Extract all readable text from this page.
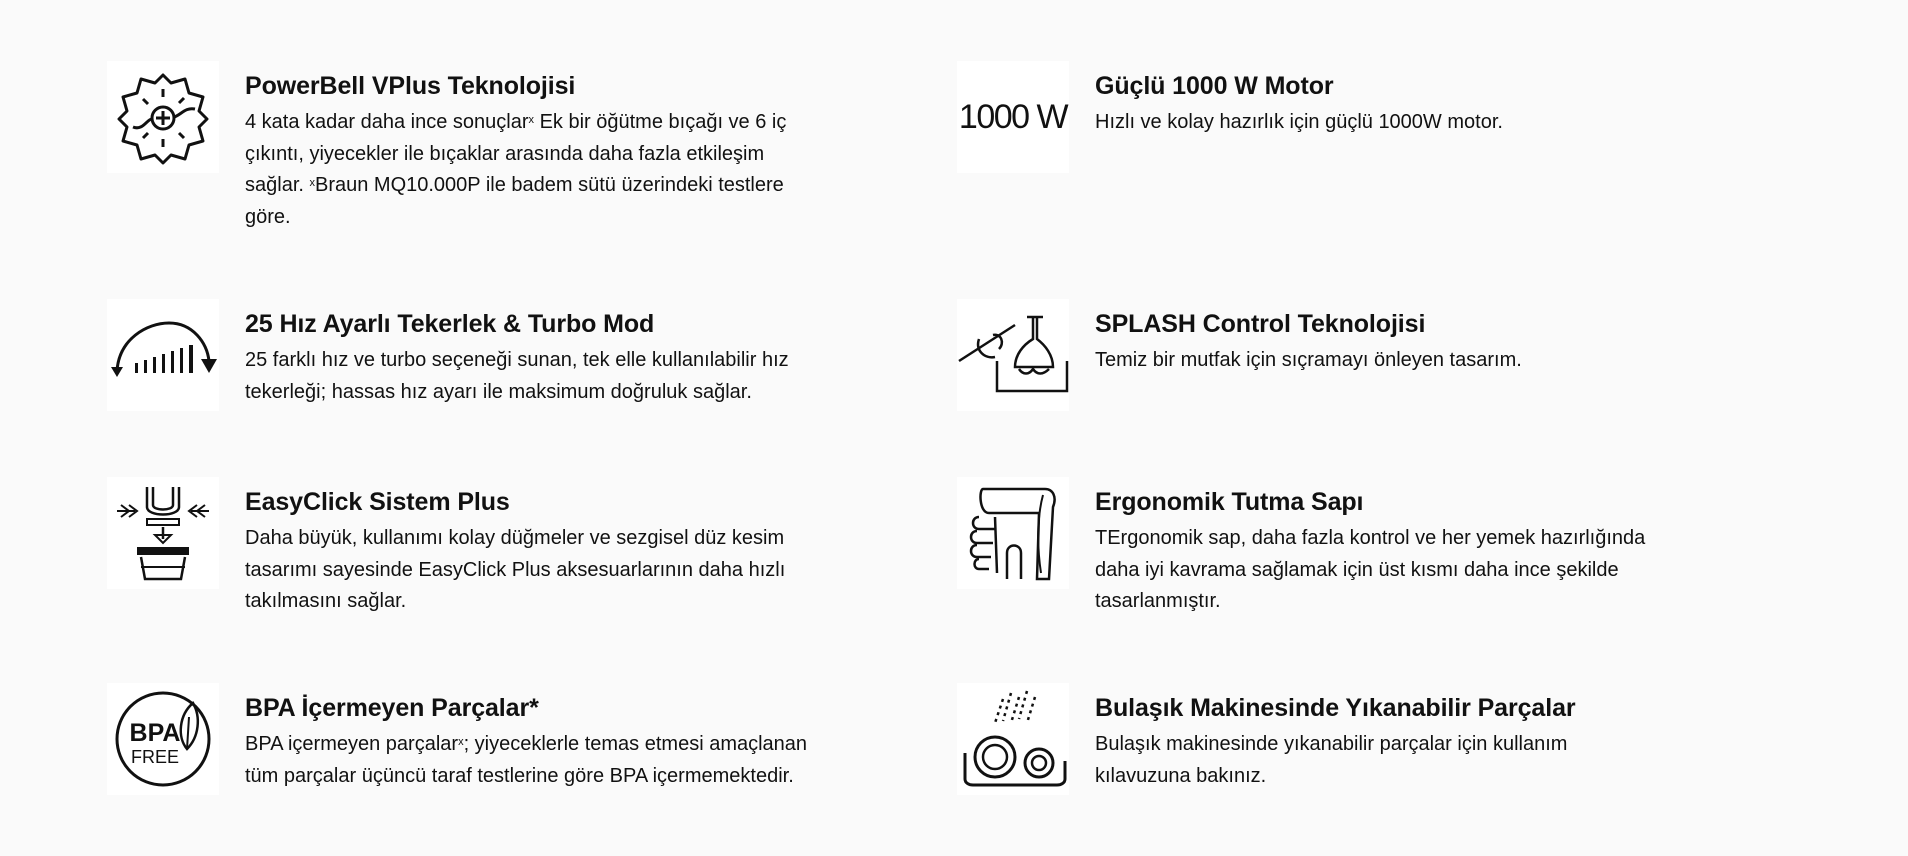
PowerBell VPlus Teknolojisi
4 kata kadar daha ince sonuçlar$^x$ Ek bir öğütme bıçağı ve 6 iç
çıkıntı, yiyecekler ile bıçaklar arasında daha fazla etkileşim
sağlar. $^x$Braun MQ10.000P ile badem sütü üzerindeki testlere
göre.
1000 W
Güçlü 1000 W Motor
Hızlı ve kolay hazırlık için güçlü 1000W motor.
25 Hız Ayarlı Tekerlek & Turbo Mod
25 farklı hız ve turbo seçeneği sunan, tek elle kullanılabilir hız
tekerleği; hassas hız ayarı ile maksimum doğruluk sağlar.
SPLASH Control Teknolojisi
Temiz bir mutfak için sıçramayı önleyen tasarım.
EasyClick Sistem Plus
Daha büyük, kullanımı kolay düğmeler ve sezgisel düz kesim
tasarımı sayesinde EasyClick Plus aksesuarlarının daha hızlı
takılmasını sağlar.
Ergonomik Tutma Sapı
TErgonomik sap, daha fazla kontrol ve her yemek hazırlığında
daha iyi kavrama sağlamak için üst kısmı daha ince şekilde
tasarlanmıştır.
BPA
FREE
BPA İçermeyen Parçalar*
BPA içermeyen parçalar$^x$; yiyeceklerle temas etmesi amaçlanan
tüm parçalar üçüncü taraf testlerine göre BPA içermemektedir.
Bulaşık Makinesinde Yıkanabilir Parçalar
Bulaşık makinesinde yıkanabilir parçalar için kullanım
kılavuzuna bakınız.
